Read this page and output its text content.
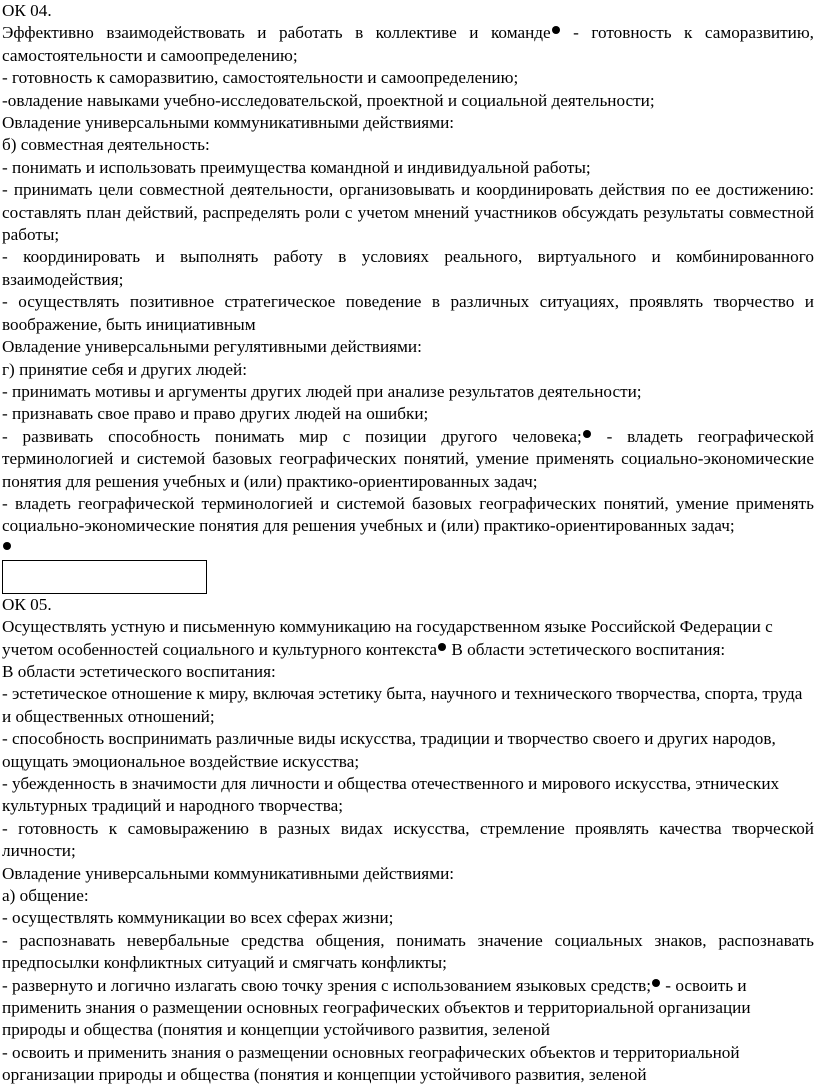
ОК 04.

Эффективно взаимодействовать и работать в коллективе и команде - готовность к саморазвитию, самостоятельности и самоопределению;

- готовность к саморазвитию, самостоятельности и самоопределению;

-овладение навыками учебно-исследовательской, проектной и социальной деятельности;

Овладение универсальными коммуникативными действиями:

б) совместная деятельность:

- понимать и использовать преимущества командной и индивидуальной работы;

- принимать цели совместной деятельности, организовывать и координировать действия по ее достижению: составлять план действий, распределять роли с учетом мнений участников обсуждать результаты совместной работы;

- координировать и выполнять работу в условиях реального, виртуального и комбинированного взаимодействия;

- осуществлять позитивное стратегическое поведение в различных ситуациях, проявлять творчество и воображение, быть инициативным

Овладение универсальными регулятивными действиями:

г) принятие себя и других людей:

- принимать мотивы и аргументы других людей при анализе результатов деятельности;

- признавать свое право и право других людей на ошибки;

- развивать способность понимать мир с позиции другого человека; - владеть географической терминологией и системой базовых географических понятий, умение применять социально-экономические понятия для решения учебных и (или) практико-ориентированных задач;

- владеть географической терминологией и системой базовых географических понятий, умение применять социально-экономические понятия для решения учебных и (или) практико-ориентированных задач;

ОК 05.

Осуществлять устную и письменную коммуникацию на государственном языке Российской Федерации с учетом особенностей социального и культурного контекста В области эстетического воспитания:

В области эстетического воспитания:

- эстетическое отношение к миру, включая эстетику быта, научного и технического творчества, спорта, труда и общественных отношений;

- способность воспринимать различные виды искусства, традиции и творчество своего и других народов, ощущать эмоциональное воздействие искусства;

- убежденность в значимости для личности и общества отечественного и мирового искусства, этнических культурных традиций и народного творчества;

- готовность к самовыражению в разных видах искусства, стремление проявлять качества творческой личности;

Овладение универсальными коммуникативными действиями:

а) общение:

- осуществлять коммуникации во всех сферах жизни;

- распознавать невербальные средства общения, понимать значение социальных знаков, распознавать предпосылки конфликтных ситуаций и смягчать конфликты;

- развернуто и логично излагать свою точку зрения с использованием языковых средств; - освоить и применить знания о размещении основных географических объектов и территориальной организации природы и общества (понятия и концепции устойчивого развития, зеленой

- освоить и применить знания о размещении основных географических объектов и территориальной организации природы и общества (понятия и концепции устойчивого развития, зеленой
